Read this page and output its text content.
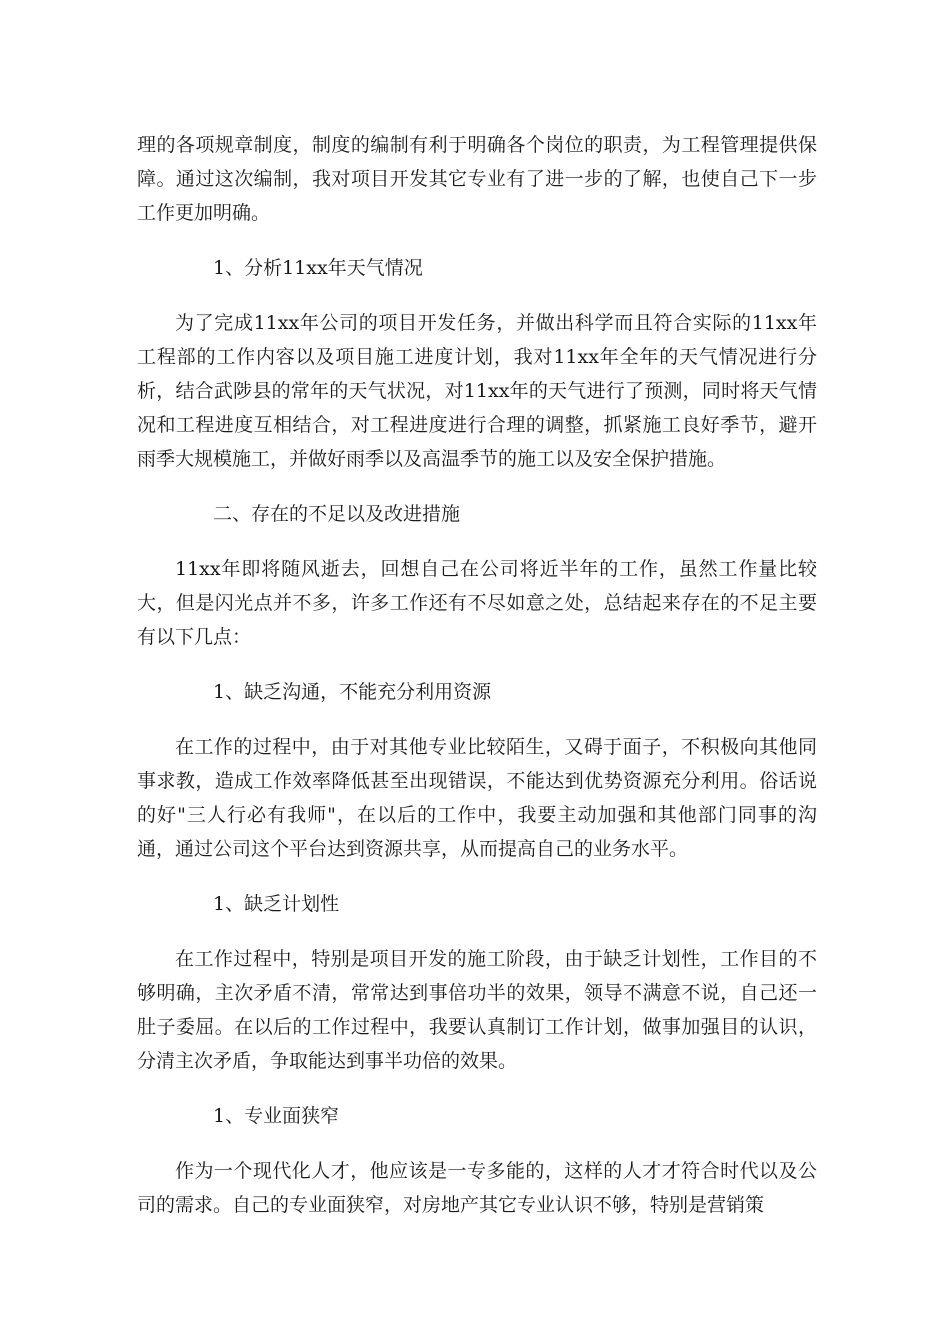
理的各项规章制度，制度的编制有利于明确各个岗位的职责，为工程管理提供保障。通过这次编制，我对项目开发其它专业有了进一步的了解，也使自己下一步工作更加明确。

1、分析11xx年天气情况

为了完成11xx年公司的项目开发任务，并做出科学而且符合实际的11xx年工程部的工作内容以及项目施工进度计划，我对11xx年全年的天气情况进行分析，结合武陟县的常年的天气状况，对11xx年的天气进行了预测，同时将天气情况和工程进度互相结合，对工程进度进行合理的调整，抓紧施工良好季节，避开雨季大规模施工，并做好雨季以及高温季节的施工以及安全保护措施。

二、存在的不足以及改进措施

11xx年即将随风逝去，回想自己在公司将近半年的工作，虽然工作量比较大，但是闪光点并不多，许多工作还有不尽如意之处，总结起来存在的不足主要有以下几点：

1、缺乏沟通，不能充分利用资源

在工作的过程中，由于对其他专业比较陌生，又碍于面子，不积极向其他同事求教，造成工作效率降低甚至出现错误，不能达到优势资源充分利用。俗话说的好"三人行必有我师"，在以后的工作中，我要主动加强和其他部门同事的沟通，通过公司这个平台达到资源共享，从而提高自己的业务水平。

1、缺乏计划性

在工作过程中，特别是项目开发的施工阶段，由于缺乏计划性，工作目的不够明确，主次矛盾不清，常常达到事倍功半的效果，领导不满意不说，自己还一肚子委屈。在以后的工作过程中，我要认真制订工作计划，做事加强目的认识，分清主次矛盾，争取能达到事半功倍的效果。

1、专业面狭窄

作为一个现代化人才，他应该是一专多能的，这样的人才才符合时代以及公司的需求。自己的专业面狭窄，对房地产其它专业认识不够，特别是营销策
